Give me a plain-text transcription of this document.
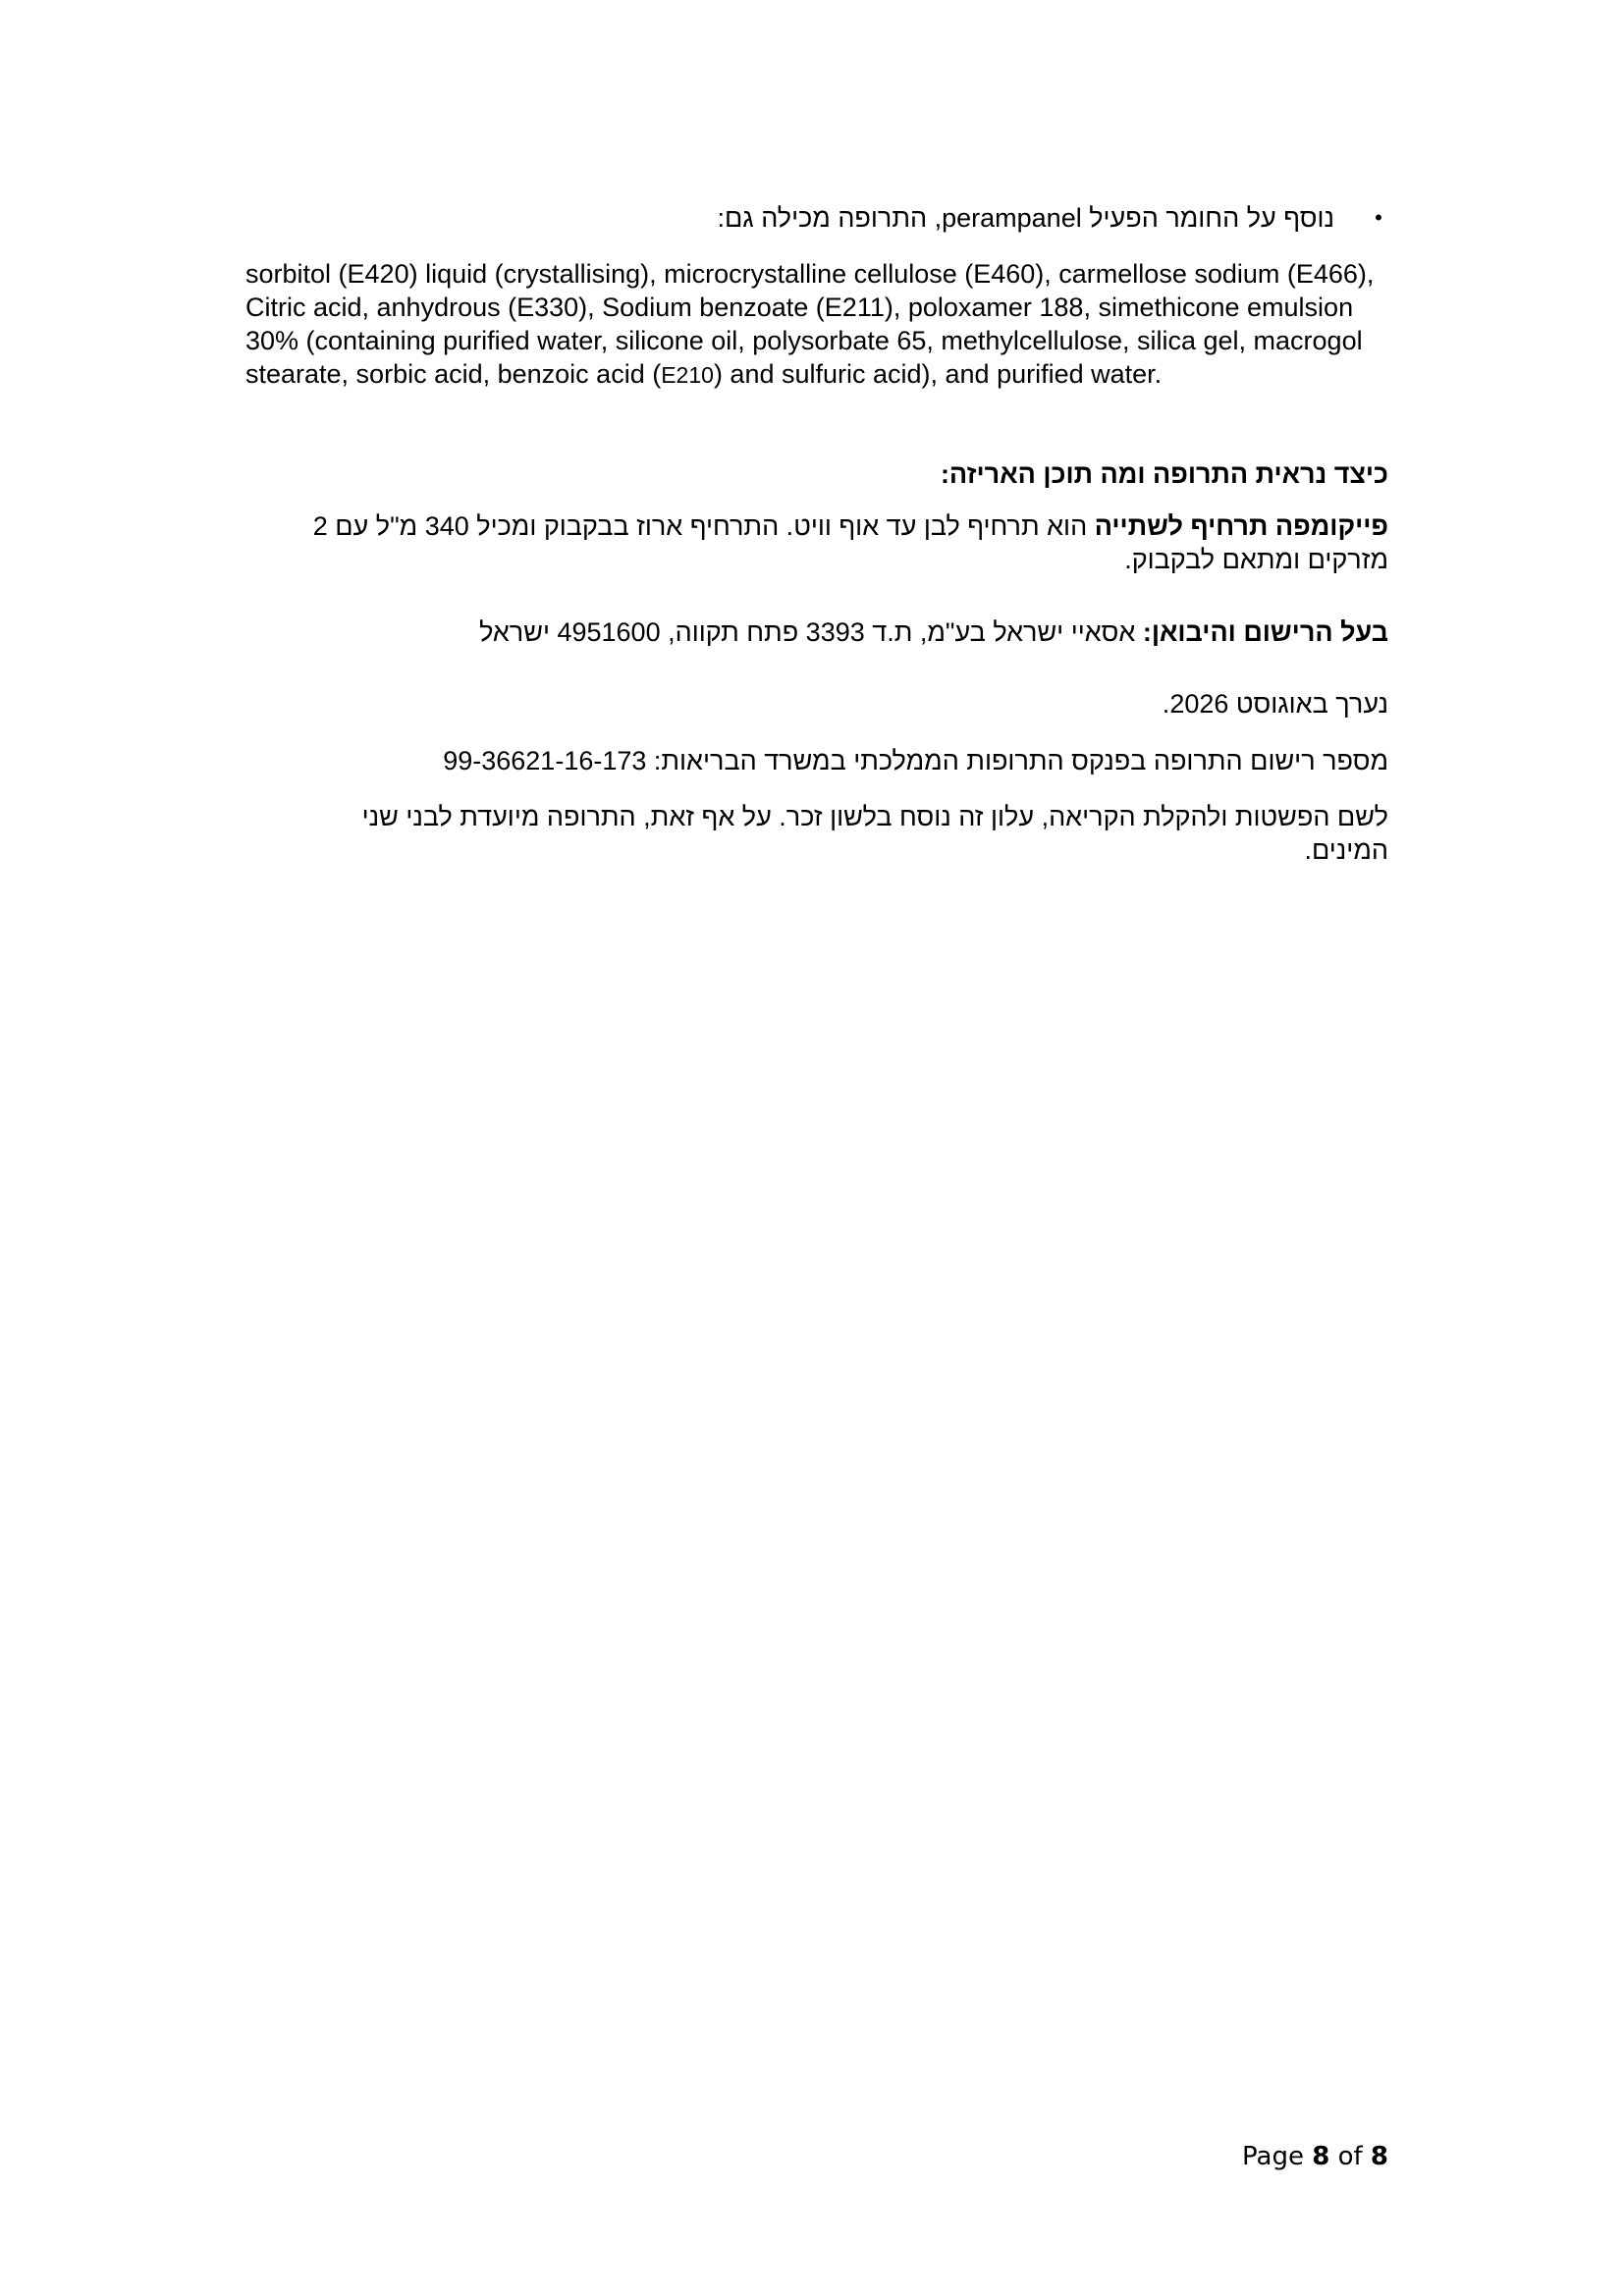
•
נוסף על החומר הפעיל perampanel, התרופה מכילה גם:
sorbitol (E420) liquid (crystallising), microcrystalline cellulose (E460), carmellose sodium (E466), Citric acid, anhydrous (E330), Sodium benzoate (E211), poloxamer 188, simethicone emulsion 30% (containing purified water, silicone oil, polysorbate 65, methylcellulose, silica gel, macrogol stearate, sorbic acid, benzoic acid (E210) and sulfuric acid), and purified water.
כיצד נראית התרופה ומה תוכן האריזה:
פייקומפה תרחיף לשתייה הוא תרחיף לבן עד אוף וויט. התרחיף ארוז בבקבוק ומכיל 340 מ"ל עם 2 מזרקים ומתאם לבקבוק.
בעל הרישום והיבואן: אסאיי ישראל בע"מ, ת.ד 3393 פתח תקווה, 4951600 ישראל
נערך באוגוסט 2026.
מספר רישום התרופה בפנקס התרופות הממלכתי במשרד הבריאות: 99-36621-16-173
לשם הפשטות ולהקלת הקריאה, עלון זה נוסח בלשון זכר. על אף זאת, התרופה מיועדת לבני שני המינים.
Page 8 of 8
